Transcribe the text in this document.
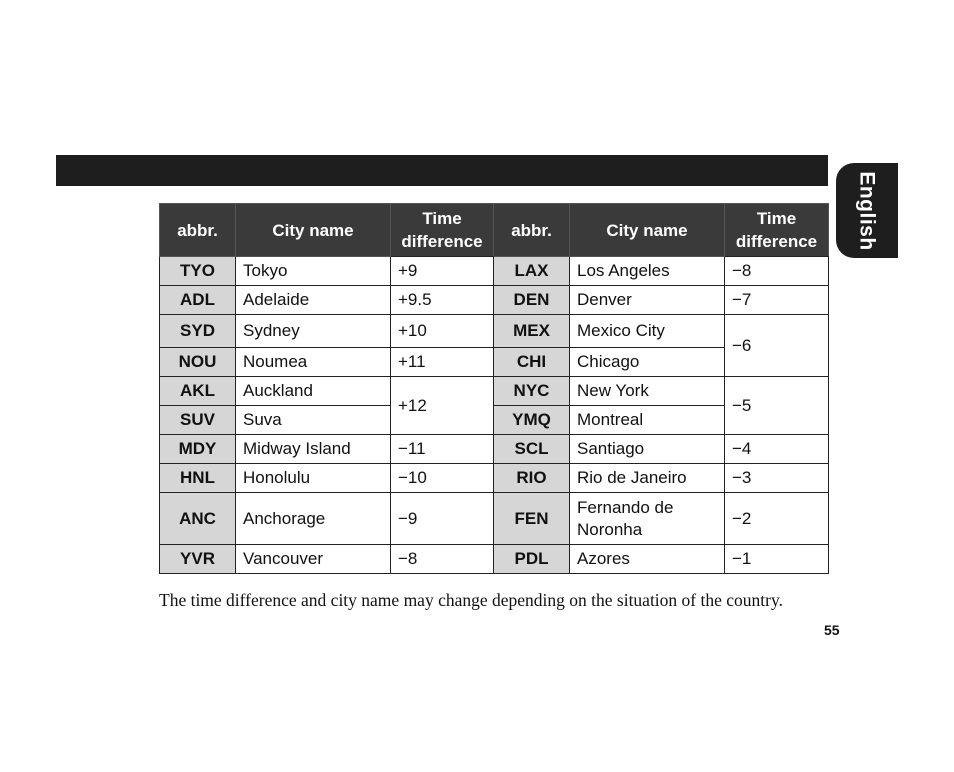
English
abbr.	City name	Time difference	abbr.	City name	Time difference
TYO	Tokyo	+9	LAX	Los Angeles	−8
ADL	Adelaide	+9.5	DEN	Denver	−7
SYD	Sydney	+10	MEX	Mexico City	−6
NOU	Noumea	+11	CHI	Chicago	
AKL	Auckland	+12	NYC	New York	−5
SUV	Suva		YMQ	Montreal	
MDY	Midway Island	−11	SCL	Santiago	−4
HNL	Honolulu	−10	RIO	Rio de Janeiro	−3
ANC	Anchorage	−9	FEN	Fernando de Noronha	−2
YVR	Vancouver	−8	PDL	Azores	−1
The time difference and city name may change depending on the situation of the country.
55
